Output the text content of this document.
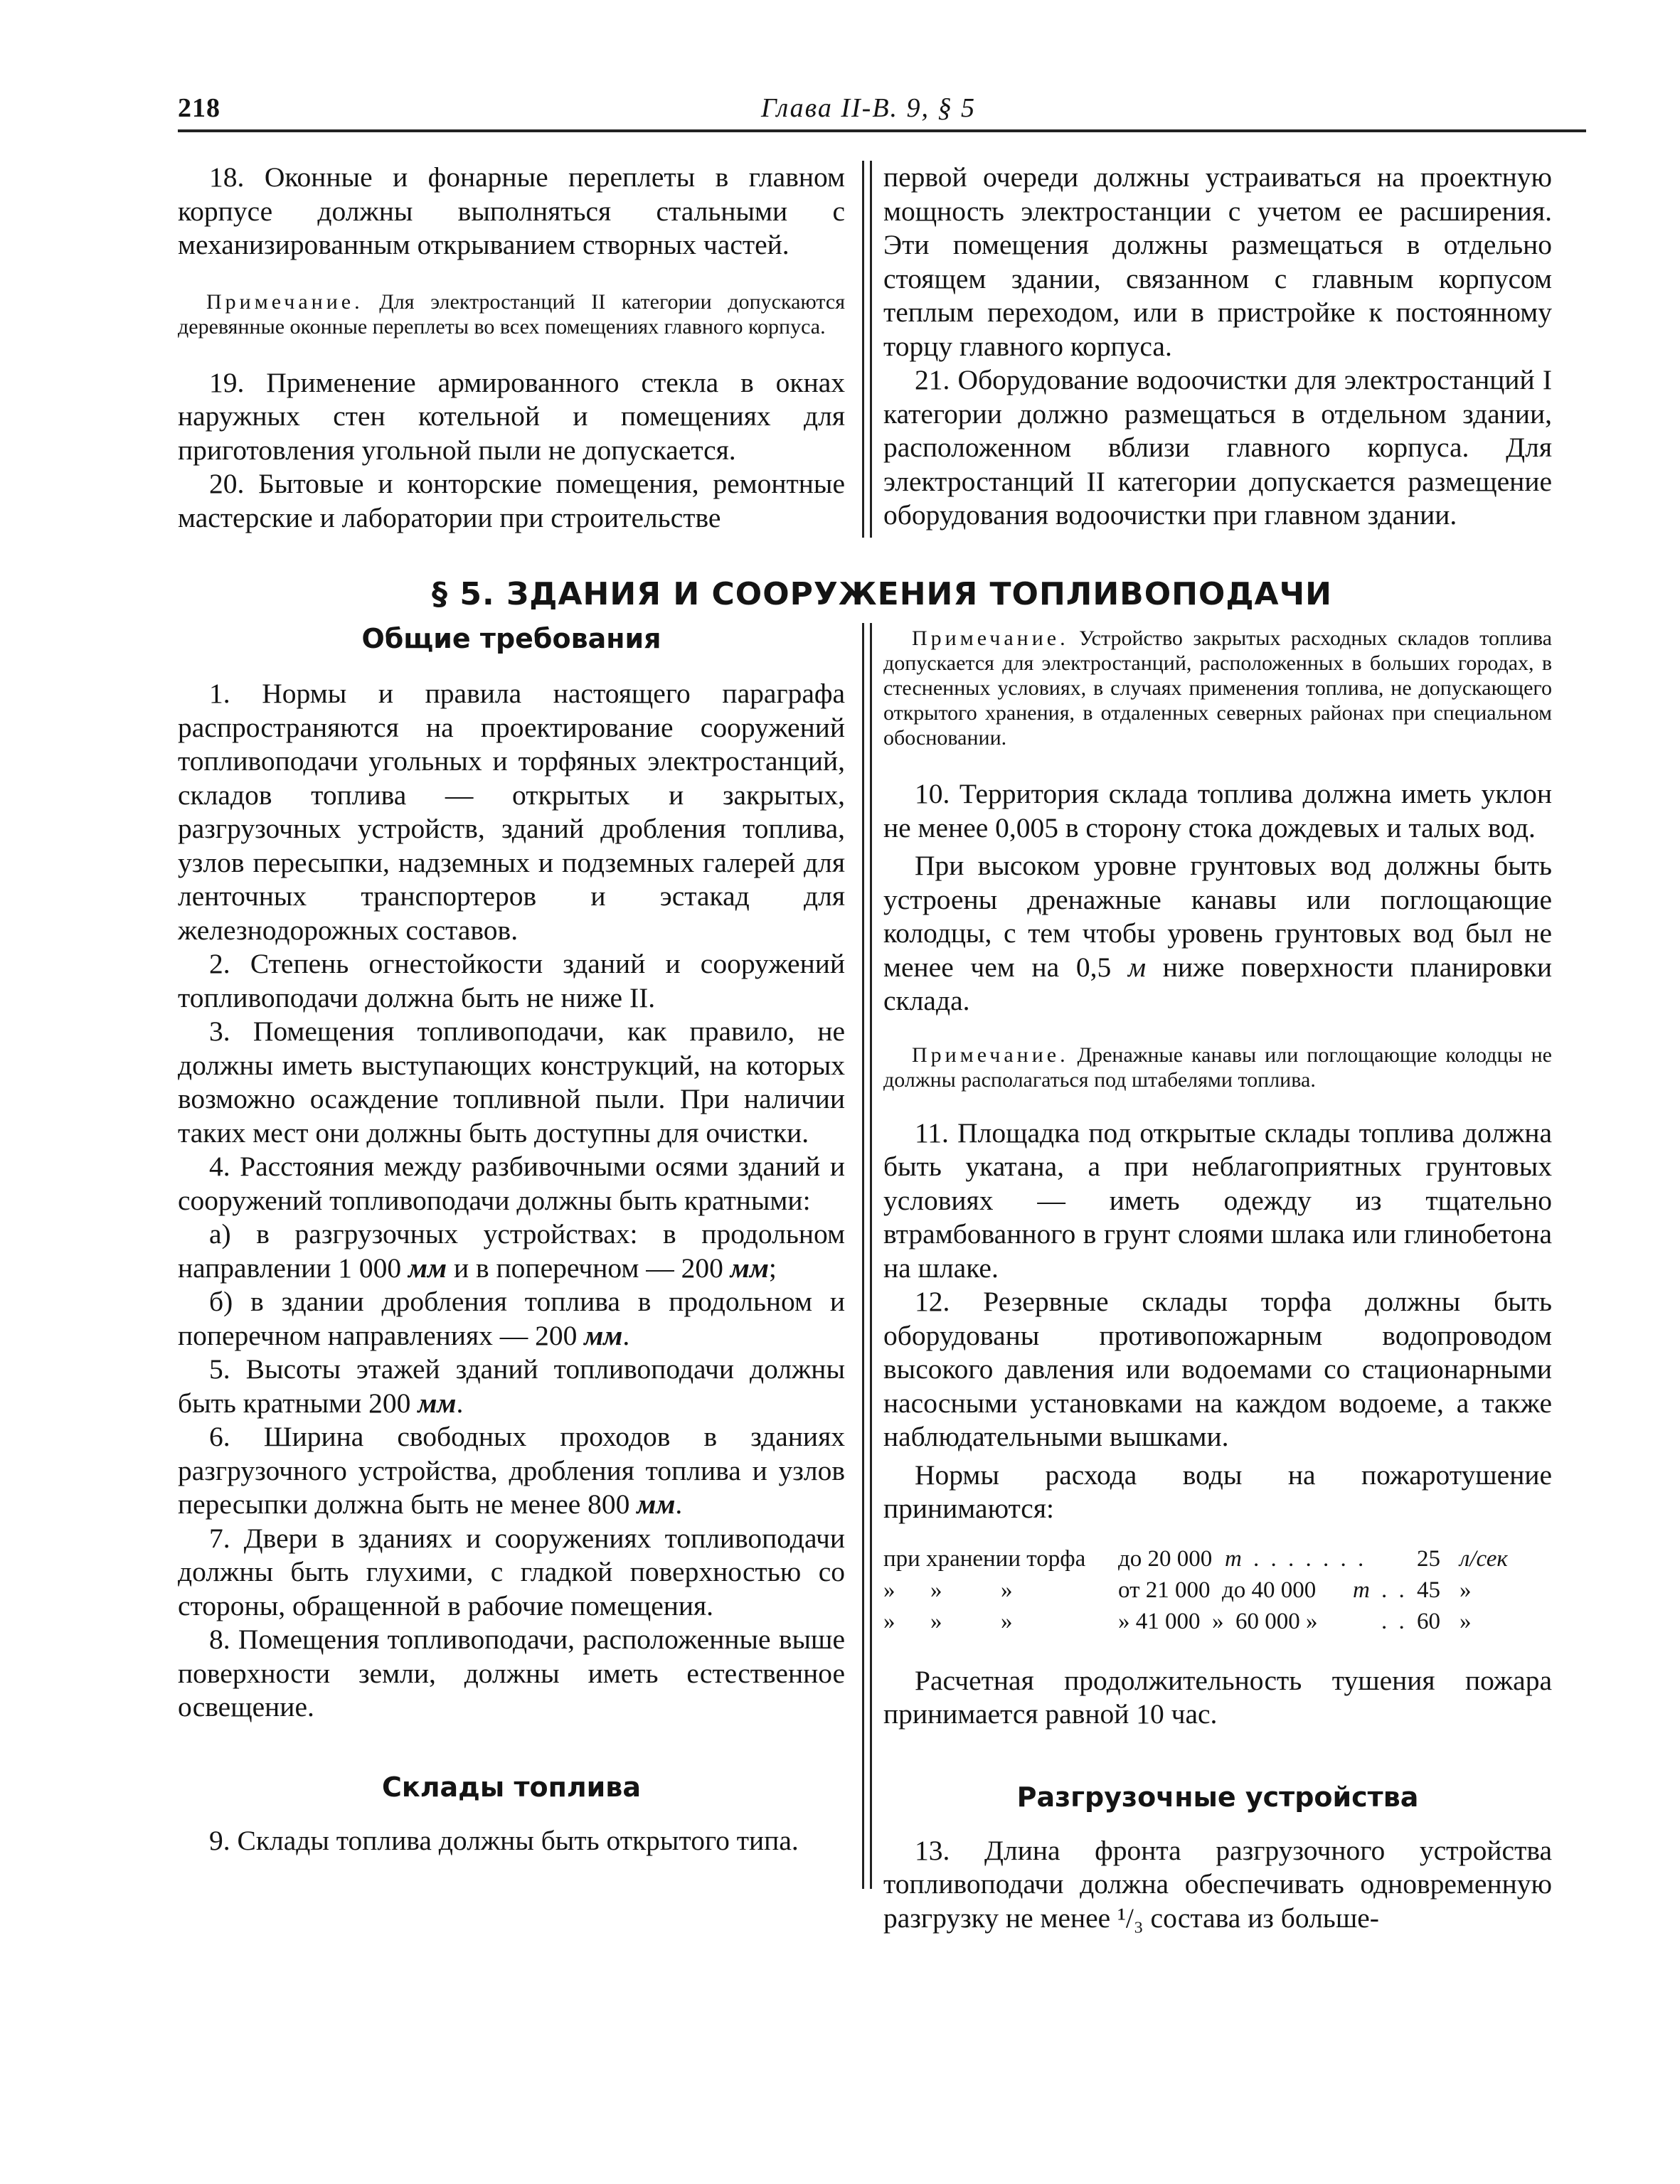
218	Глава II-В. 9, § 5

18. Оконные и фонарные переплеты в главном корпусе должны выполняться стальными с механизированным открыванием створных частей.

Примечание. Для электростанций II категории допускаются деревянные оконные переплеты во всех помещениях главного корпуса.

19. Применение армированного стекла в окнах наружных стен котельной и помещениях для приготовления угольной пыли не допускается.

20. Бытовые и конторские помещения, ремонтные мастерские и лаборатории при строительстве

первой очереди должны устраиваться на проектную мощность электростанции с учетом ее расширения. Эти помещения должны размещаться в отдельно стоящем здании, связанном с главным корпусом теплым переходом, или в пристройке к постоянному торцу главного корпуса.

21. Оборудование водоочистки для электростанций I категории должно размещаться в отдельном здании, расположенном вблизи главного корпуса. Для электростанций II категории допускается размещение оборудования водоочистки при главном здании.

§ 5. ЗДАНИЯ И СООРУЖЕНИЯ ТОПЛИВОПОДАЧИ

Общие требования

1. Нормы и правила настоящего параграфа распространяются на проектирование сооружений топливоподачи угольных и торфяных электростанций, складов топлива — открытых и закрытых, разгрузочных устройств, зданий дробления топлива, узлов пересыпки, надземных и подземных галерей для ленточных транспортеров и эстакад для железнодорожных составов.

2. Степень огнестойкости зданий и сооружений топливоподачи должна быть не ниже II.

3. Помещения топливоподачи, как правило, не должны иметь выступающих конструкций, на которых возможно осаждение топливной пыли. При наличии таких мест они должны быть доступны для очистки.

4. Расстояния между разбивочными осями зданий и сооружений топливоподачи должны быть кратными:

а) в разгрузочных устройствах: в продольном направлении 1 000 мм и в поперечном — 200 мм;

б) в здании дробления топлива в продольном и поперечном направлениях — 200 мм.

5. Высоты этажей зданий топливоподачи должны быть кратными 200 мм.

6. Ширина свободных проходов в зданиях разгрузочного устройства, дробления топлива и узлов пересыпки должна быть не менее 800 мм.

7. Двери в зданиях и сооружениях топливоподачи должны быть глухими, с гладкой поверхностью со стороны, обращенной в рабочие помещения.

8. Помещения топливоподачи, расположенные выше поверхности земли, должны иметь естественное освещение.

Склады топлива

9. Склады топлива должны быть открытого типа.

Примечание. Устройство закрытых расходных складов топлива допускается для электростанций, расположенных в больших городах, в стесненных условиях, в случаях применения топлива, не допускающего открытого хранения, в отдаленных северных районах при специальном обосновании.

10. Территория склада топлива должна иметь уклон не менее 0,005 в сторону стока дождевых и талых вод.

При высоком уровне грунтовых вод должны быть устроены дренажные канавы или поглощающие колодцы, с тем чтобы уровень грунтовых вод был не менее чем на 0,5 м ниже поверхности планировки склада.

Примечание. Дренажные канавы или поглощающие колодцы не должны располагаться под штабелями топлива.

11. Площадка под открытые склады топлива должна быть укатана, а при неблагоприятных грунтовых условиях — иметь одежду из тщательно втрамбованного в грунт слоями шлака или глинобетона на шлаке.

12. Резервные склады торфа должны быть оборудованы противопожарным водопроводом высокого давления или водоемами со стационарными насосными установками на каждом водоеме, а также наблюдательными вышками.

Нормы расхода воды на пожаротушение принимаются:

при хранении торфа	до 20 000 т . . . . . . .	25 л/сек
»      »          »	от 21 000  до 40 000	т . . 45 »
»      »          »	» 41 000  »  60 000 »	. . 60 »

Расчетная продолжительность тушения пожара принимается равной 10 час.

Разгрузочные устройства

13. Длина фронта разгрузочного устройства топливоподачи должна обеспечивать одновременную разгрузку не менее ¹/₃ состава из больше-
